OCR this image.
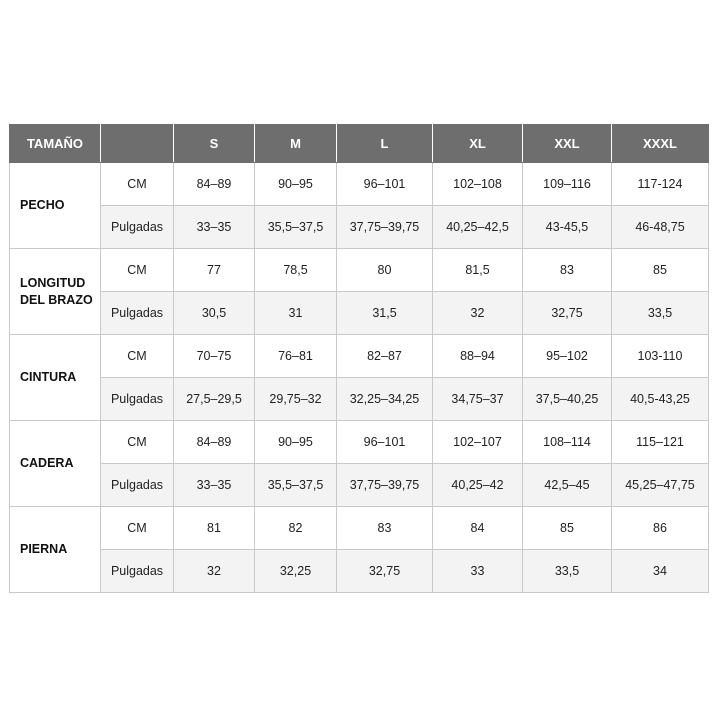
TAMAÑO		S	M	L	XL	XXL	XXXL
PECHO	CM	84–89	90–95	96–101	102–108	109–116	117-124
	Pulgadas	33–35	35,5–37,5	37,75–39,75	40,25–42,5	43-45,5	46-48,75
LONGITUD DEL BRAZO	CM	77	78,5	80	81,5	83	85
	Pulgadas	30,5	31	31,5	32	32,75	33,5
CINTURA	CM	70–75	76–81	82–87	88–94	95–102	103-110
	Pulgadas	27,5–29,5	29,75–32	32,25–34,25	34,75–37	37,5–40,25	40,5-43,25
CADERA	CM	84–89	90–95	96–101	102–107	108–114	115–121
	Pulgadas	33–35	35,5–37,5	37,75–39,75	40,25–42	42,5–45	45,25–47,75
PIERNA	CM	81	82	83	84	85	86
	Pulgadas	32	32,25	32,75	33	33,5	34
